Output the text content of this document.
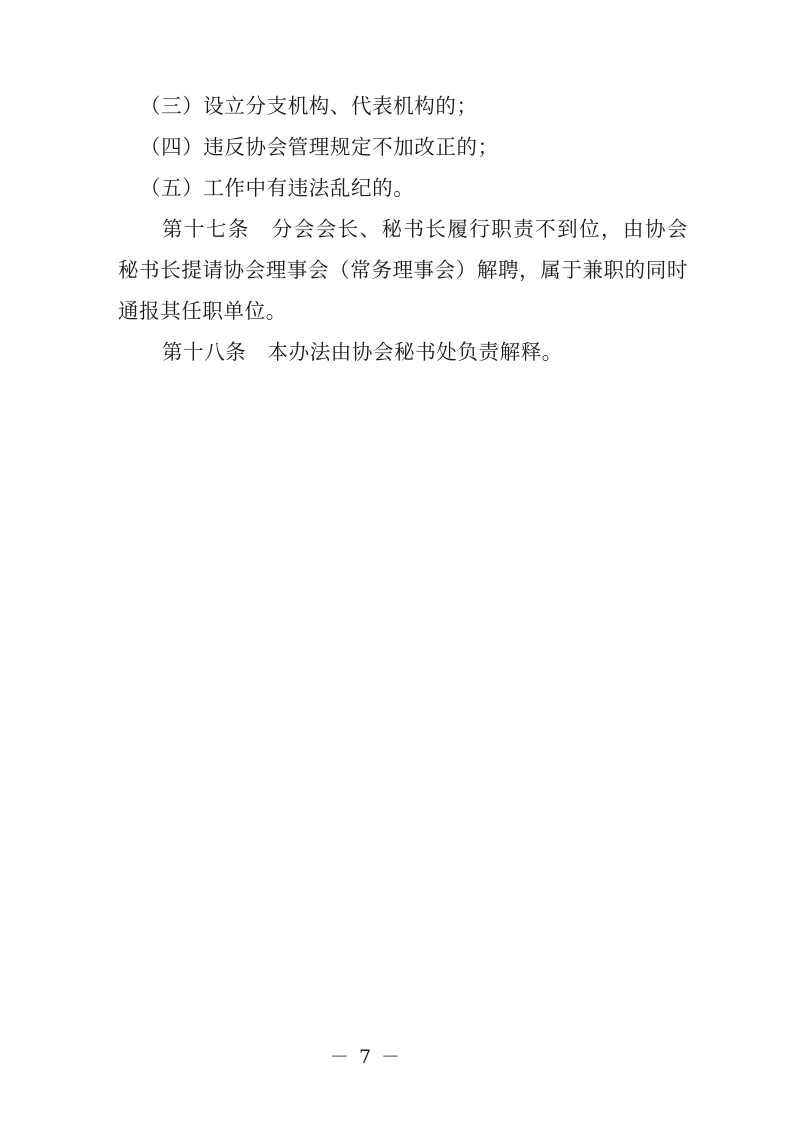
（三）设立分支机构、代表机构的；

（四）违反协会管理规定不加改正的；

（五）工作中有违法乱纪的。

第十七条　分会会长、秘书长履行职责不到位，由协会秘书长提请协会理事会（常务理事会）解聘，属于兼职的同时通报其任职单位。

第十八条　本办法由协会秘书处负责解释。

－ 7 －
